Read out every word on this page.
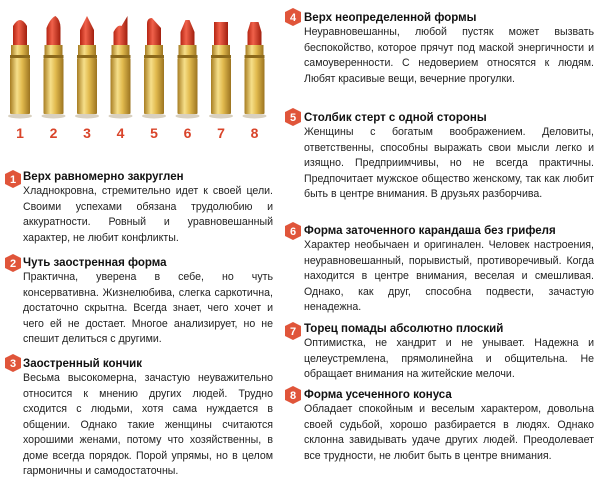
1 2 3 4 5 6 7 8
1 Верх равномерно закруглен
Хладнокровна, стремительно идет к своей цели. Своими успехами обязана трудолюбию и аккуратности. Ровный и уравновешанный характер, не любит конфликты.
2 Чуть заостренная форма
Практична, уверена в себе, но чуть консервативна. Жизнелюбива, слегка саркотична, достаточно скрытна. Всегда знает, чего хочет и чего ей не достает. Многое анализирует, но не спешит делиться с другими.
3 Заостренный кончик
Весьма высокомерна, зачастую неуважительно относится к мнению других людей. Трудно сходится с людьми, хотя сама нуждается в общении. Однако такие женщины считаются хорошими женами, потому что хозяйственны, в доме всегда порядок. Порой упрямы, но в целом гармоничны и самодостаточны.
4 Верх неопределенной формы
Неуравновешанны, любой пустяк может вызвать беспокойство, которое прячут под маской энергичности и самоуверенности. С недоверием относятся к людям. Любят красивые вещи, вечерние прогулки.
5 Столбик стерт с одной стороны
Женщины с богатым воображением. Деловиты, ответственны, способны выражать свои мысли легко и изящно. Предприимчивы, но не всегда практичны. Предпочитает мужское общество женскому, так как любит быть в центре внимания. В друзьях разборчива.
6 Форма заточенного карандаша без грифеля
Характер необычаен и оригинален. Человек настроения, неуравновешанный, порывистый, противоречивый. Когда находится в центре внимания, веселая и смешливая. Однако, как друг, способна подвести, зачастую ненадежна.
7 Торец помады абсолютно плоский
Оптимистка, не хандрит и не унывает. Надежна и целеустремлена, прямолинейна и общительна. Не обращает внимания на житейские мелочи.
8 Форма усеченного конуса
Обладает спокойным и веселым характером, довольна своей судьбой, хорошо разбирается в людях. Однако склонна завидывать удаче других людей. Преодолевает все трудности, не любит быть в центре внимания.
